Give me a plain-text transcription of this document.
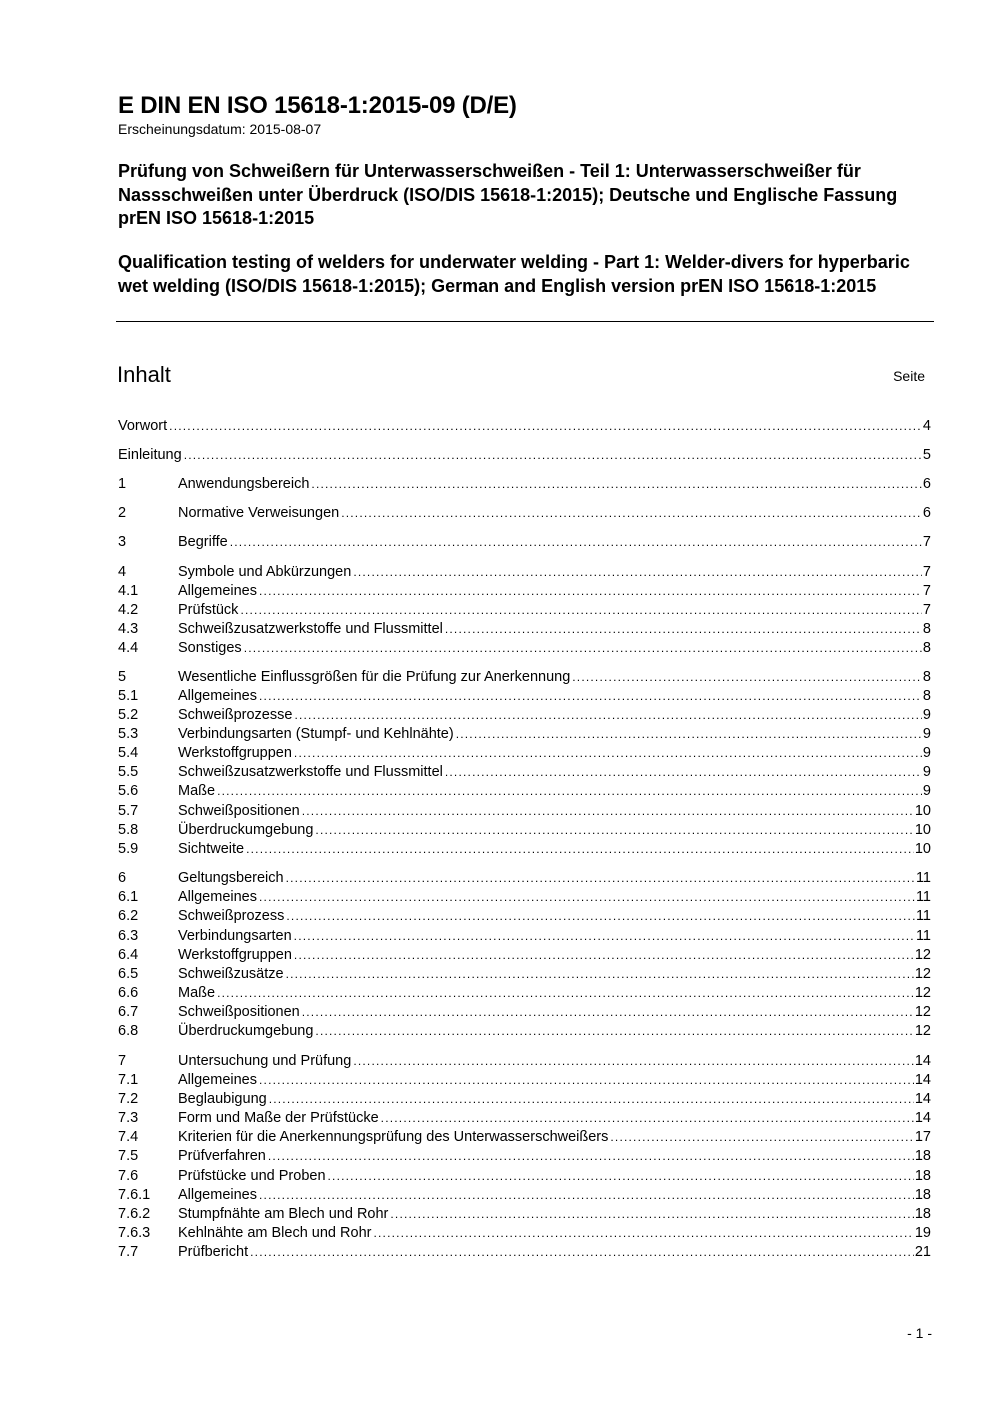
E DIN EN ISO 15618-1:2015-09 (D/E)
Erscheinungsdatum: 2015-08-07
Prüfung von Schweißern für Unterwasserschweißen - Teil 1: Unterwasserschweißer für Nassschweißen unter Überdruck (ISO/DIS 15618-1:2015); Deutsche und Englische Fassung prEN ISO 15618-1:2015
Qualification testing of welders for underwater welding - Part 1: Welder-divers for hyperbaric wet welding (ISO/DIS 15618-1:2015); German and English version prEN ISO 15618-1:2015
Inhalt	Seite
Vorwort .....	4
Einleitung .....	5
1	Anwendungsbereich .....	6
2	Normative Verweisungen .....	6
3	Begriffe .....	7
4	Symbole und Abkürzungen .....	7
4.1	Allgemeines .....	7
4.2	Prüfstück .....	7
4.3	Schweißzusatzwerkstoffe und Flussmittel .....	8
4.4	Sonstiges .....	8
5	Wesentliche Einflussgrößen für die Prüfung zur Anerkennung .....	8
5.1	Allgemeines .....	8
5.2	Schweißprozesse .....	9
5.3	Verbindungsarten (Stumpf- und Kehlnähte) .....	9
5.4	Werkstoffgruppen .....	9
5.5	Schweißzusatzwerkstoffe und Flussmittel .....	9
5.6	Maße .....	9
5.7	Schweißpositionen .....	10
5.8	Überdruckumgebung .....	10
5.9	Sichtweite .....	10
6	Geltungsbereich .....	11
6.1	Allgemeines .....	11
6.2	Schweißprozess .....	11
6.3	Verbindungsarten .....	11
6.4	Werkstoffgruppen .....	12
6.5	Schweißzusätze .....	12
6.6	Maße .....	12
6.7	Schweißpositionen .....	12
6.8	Überdruckumgebung .....	12
7	Untersuchung und Prüfung .....	14
7.1	Allgemeines .....	14
7.2	Beglaubigung .....	14
7.3	Form und Maße der Prüfstücke .....	14
7.4	Kriterien für die Anerkennungsprüfung des Unterwasserschweißers .....	17
7.5	Prüfverfahren .....	18
7.6	Prüfstücke und Proben .....	18
7.6.1	Allgemeines .....	18
7.6.2	Stumpfnähte am Blech und Rohr .....	18
7.6.3	Kehlnähte am Blech und Rohr .....	19
7.7	Prüfbericht .....	21
- 1 -
